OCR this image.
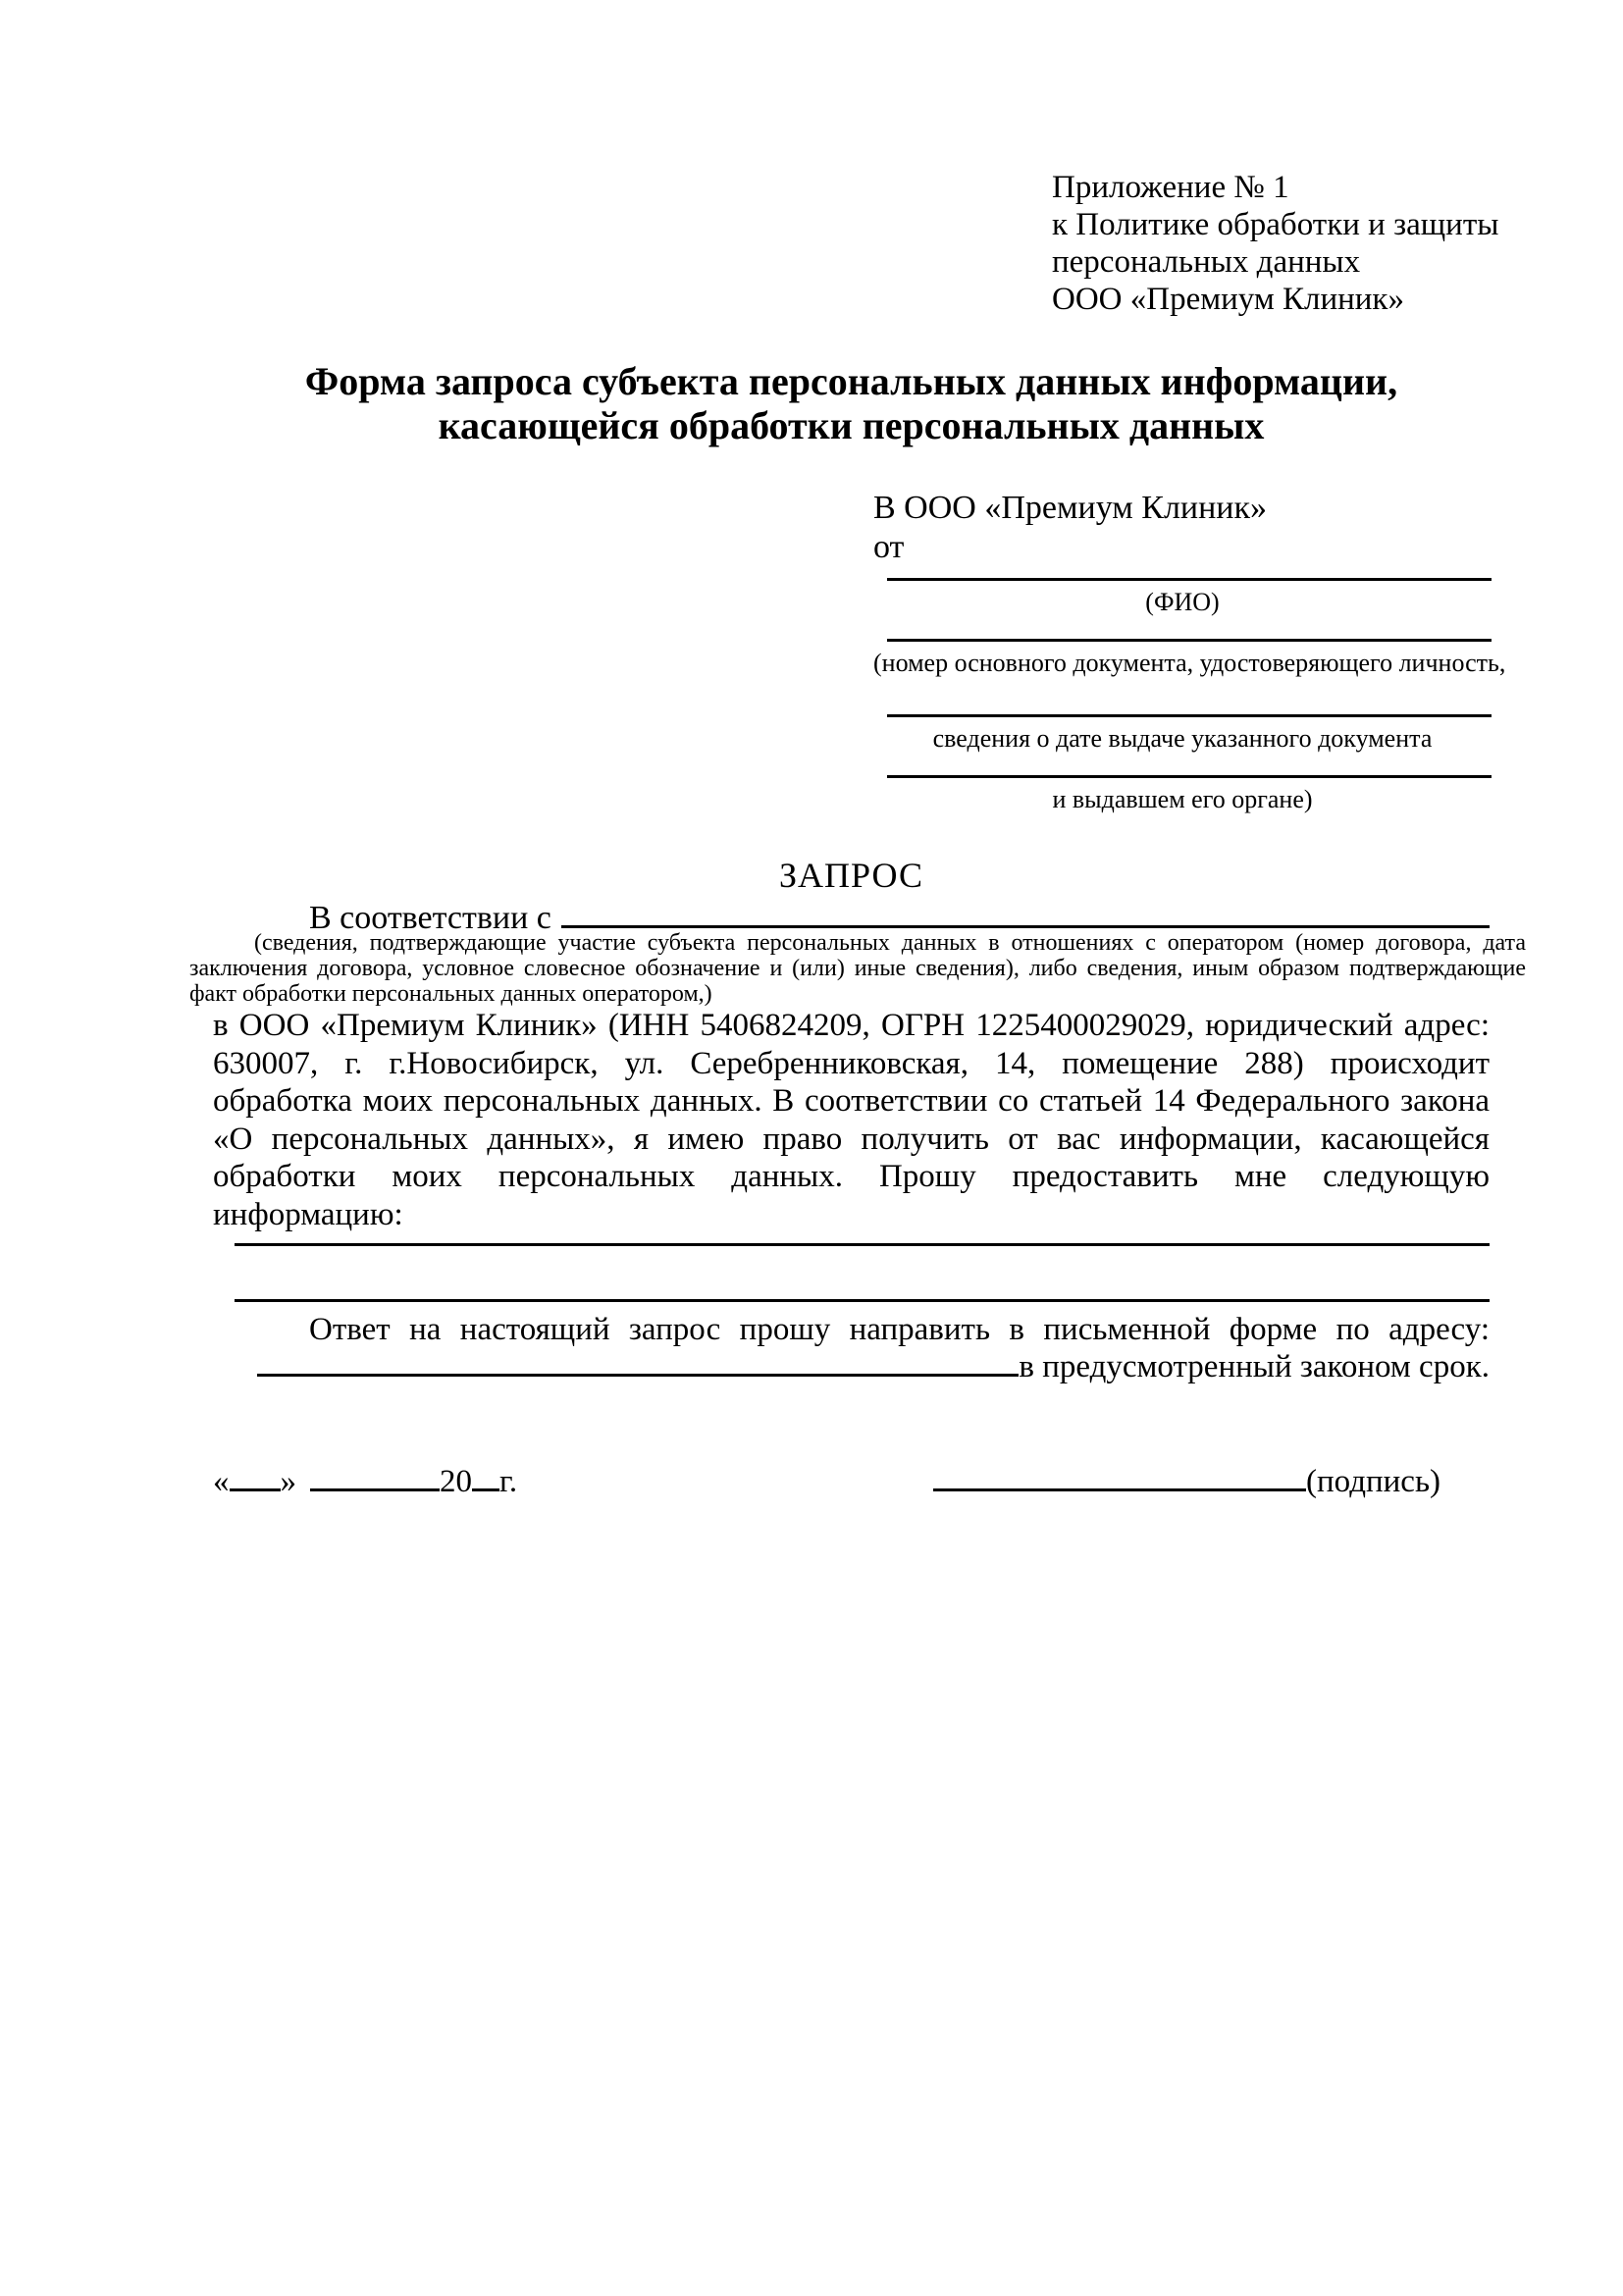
Приложение № 1
к Политике обработки и защиты
персональных данных
ООО «Премиум Клиник»
Форма запроса субъекта персональных данных информации,
касающейся обработки персональных данных
В ООО «Премиум Клиник»
от
(ФИО)
(номер основного документа, удостоверяющего личность,
сведения о дате выдаче указанного документа
и выдавшем его органе)
ЗАПРОС
В соответствии с

(сведения, подтверждающие участие субъекта персональных данных в отношениях с оператором (номер договора, дата заключения договора, условное словесное обозначение и (или) иные сведения), либо сведения, иным образом подтверждающие факт обработки персональных данных оператором,)

в ООО «Премиум Клиник» (ИНН 5406824209, ОГРН 1225400029029, юридический адрес: 630007, г. г.Новосибирск, ул. Серебренниковская, 14, помещение 288) происходит обработка моих персональных данных. В соответствии со статьей 14 Федерального закона «О персональных данных», я имею право получить от вас информации, касающейся обработки моих персональных данных. Прошу предоставить мне следующую информацию:

Ответ на настоящий запрос прошу направить в письменной форме по адресу:

в предусмотренный законом срок.
« »	20 г.	(подпись)
